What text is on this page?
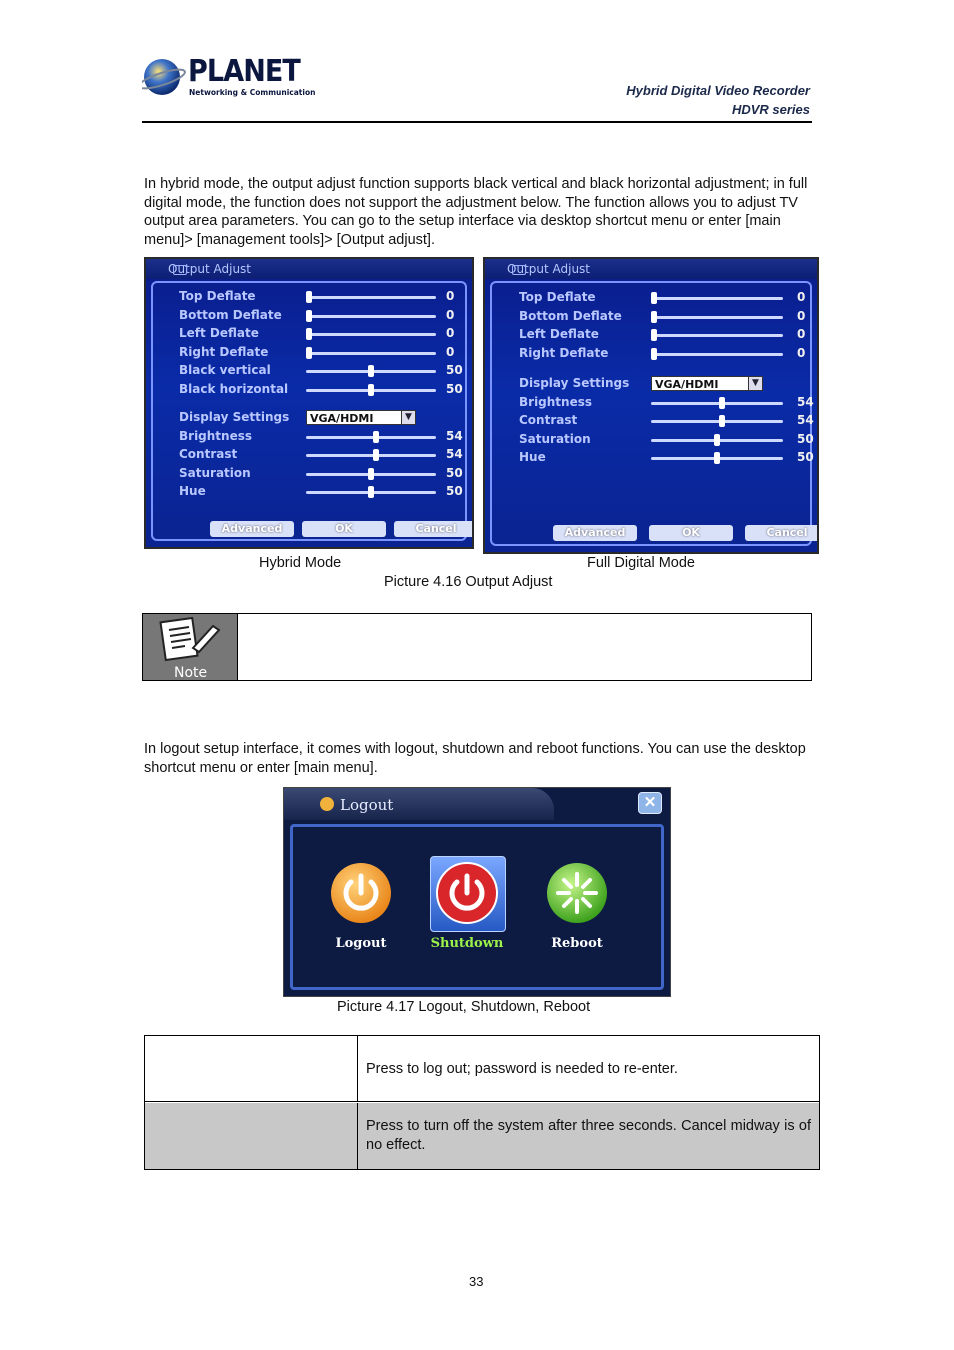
PLANET
Networking & Communication	Hybrid Digital Video Recorder
HDVR series
In hybrid mode, the output adjust function supports black vertical and black horizontal adjustment; in full digital mode, the function does not support the adjustment below. The function allows you to adjust TV output area parameters. You can go to the setup interface via desktop shortcut menu or enter [main menu]> [management tools]> [Output adjust].
Output Adjust
Top Deflate	0
Bottom Deflate	0
Left Deflate	0
Right Deflate	0
Black vertical	50
Black horizontal	50
Display Settings	VGA/HDMI	▼
Brightness	54
Contrast	54
Saturation	50
Hue	50
Advanced	OK	Cancel
Output Adjust
Top Deflate	0
Bottom Deflate	0
Left Deflate	0
Right Deflate	0
Display Settings	VGA/HDMI	▼
Brightness	54
Contrast	54
Saturation	50
Hue	50
Advanced	OK	Cancel
Hybrid Mode	Full Digital Mode
Picture 4.16 Output Adjust
Note
In logout setup interface, it comes with logout, shutdown and reboot functions. You can use the desktop shortcut menu or enter [main menu].
Logout	✕
Logout	Shutdown	Reboot
Picture 4.17 Logout, Shutdown, Reboot
Press to log out; password is needed to re-enter.
Press to turn off the system after three seconds. Cancel midway is of no effect.
33
